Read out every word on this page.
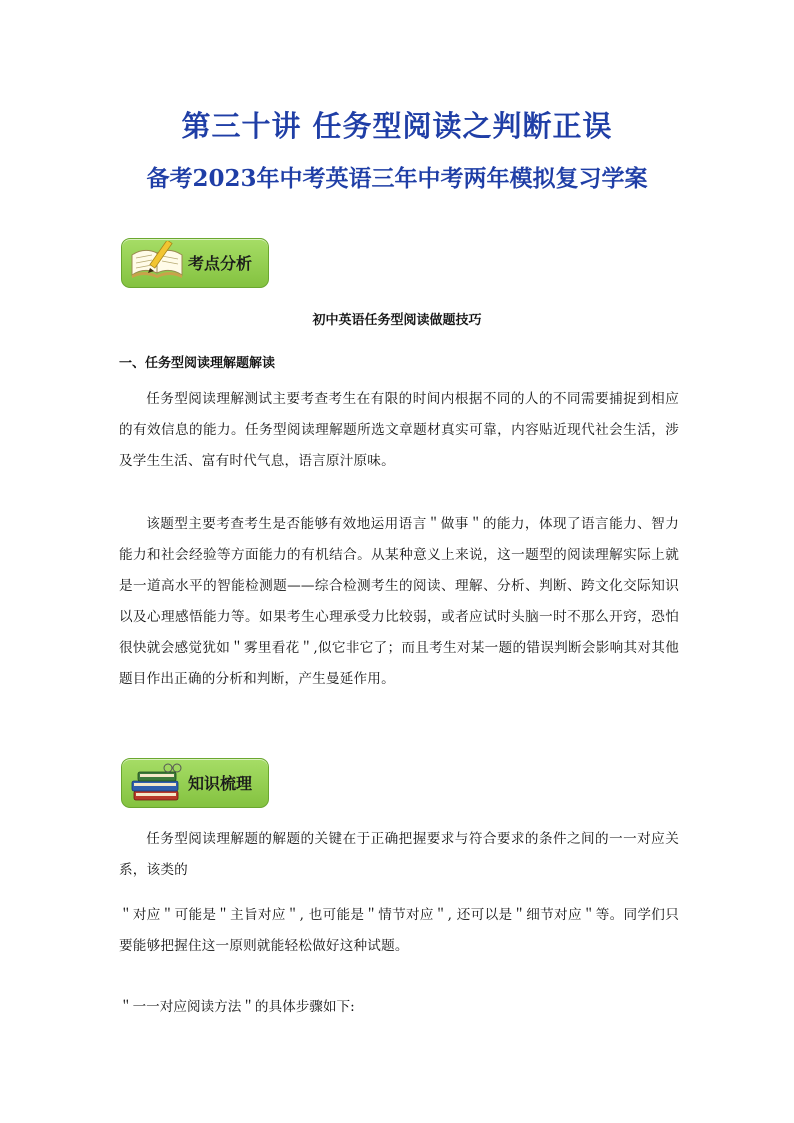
第三十讲 任务型阅读之判断正误
备考2023年中考英语三年中考两年模拟复习学案
考点分析
初中英语任务型阅读做题技巧
一、任务型阅读理解题解读
任务型阅读理解测试主要考查考生在有限的时间内根据不同的人的不同需要捕捉到相应的有效信息的能力。任务型阅读理解题所选文章题材真实可靠，内容贴近现代社会生活，涉及学生生活、富有时代气息，语言原汁原味。
该题型主要考查考生是否能够有效地运用语言＂做事＂的能力，体现了语言能力、智力能力和社会经验等方面能力的有机结合。从某种意义上来说，这一题型的阅读理解实际上就是一道高水平的智能检测题——综合检测考生的阅读、理解、分析、判断、跨文化交际知识以及心理感悟能力等。如果考生心理承受力比较弱，或者应试时头脑一时不那么开窍，恐怕很快就会感觉犹如＂雾里看花＂,似它非它了；而且考生对某一题的错误判断会影响其对其他题目作出正确的分析和判断，产生曼延作用。
知识梳理
任务型阅读理解题的解题的关键在于正确把握要求与符合要求的条件之间的一一对应关系，该类的
＂对应＂可能是＂主旨对应＂, 也可能是＂情节对应＂, 还可以是＂细节对应＂等。同学们只要能够把握住这一原则就能轻松做好这种试题。
＂一一对应阅读方法＂的具体步骤如下:
